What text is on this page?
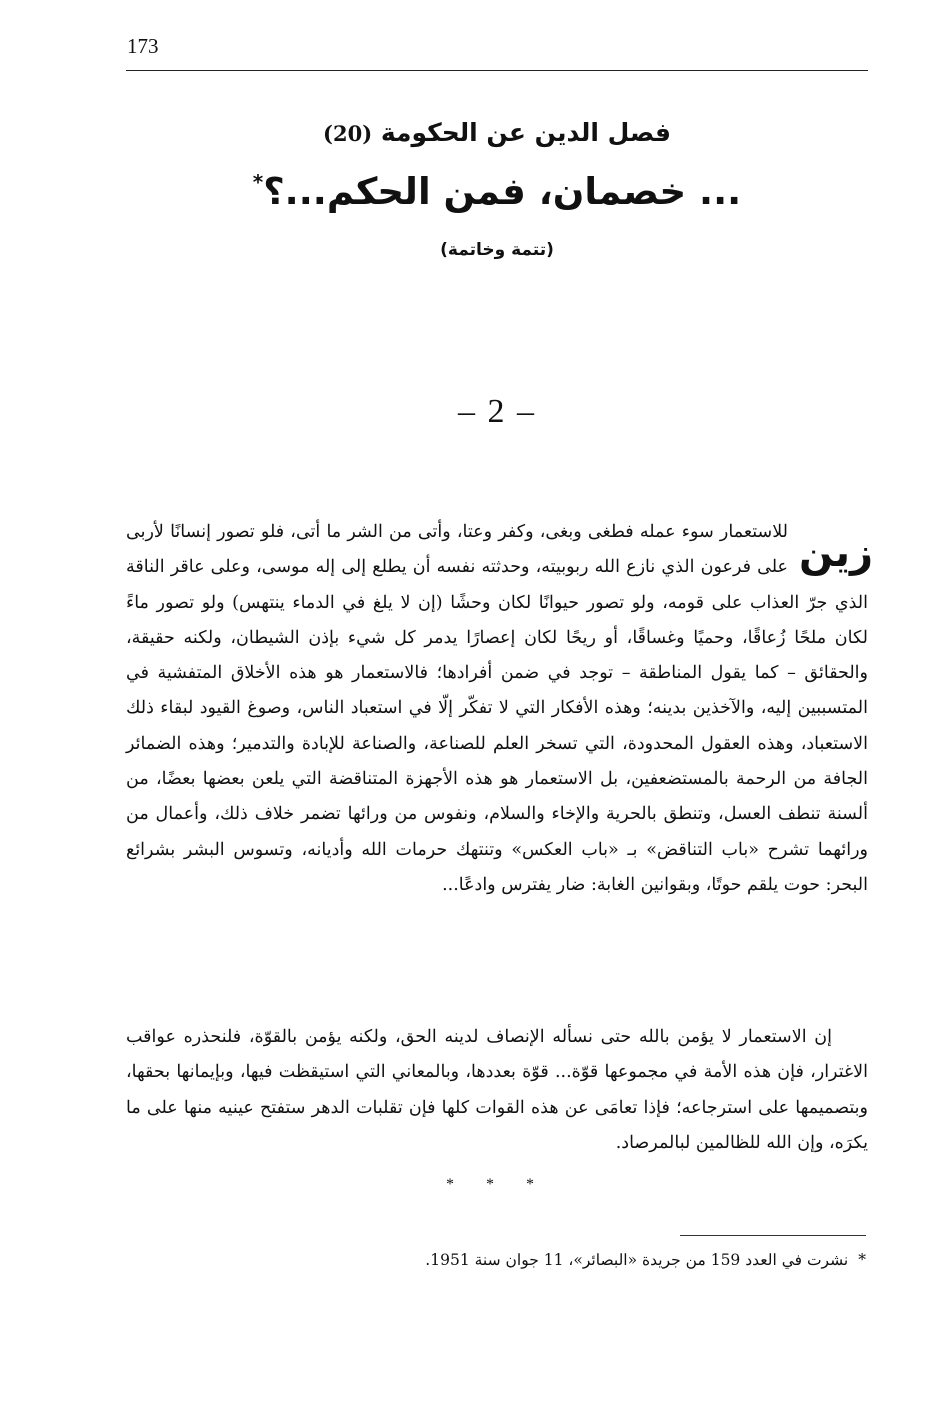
173
فصل الدين عن الحكومة (20)
... خصمان، فمن الحكم...؟*
(تتمة وخاتمة)
– 2 –
زين
للاستعمار سوء عمله فطغى وبغى، وكفر وعتا، وأتى من الشر ما أتى، فلو تصور إنسانًا لأربى على فرعون الذي نازع الله ربوبيته، وحدثته نفسه أن يطلع إلى إله موسى، وعلى عاقر الناقة الذي جرّ العذاب على قومه، ولو تصور حيوانًا لكان وحشًا (إن لا يلغ في الدماء ينتهس) ولو تصور ماءً لكان ملحًا زُعاقًا، وحميًا وغساقًا، أو ريحًا لكان إعصارًا يدمر كل شيء بإذن الشيطان، ولكنه حقيقة، والحقائق – كما يقول المناطقة – توجد في ضمن أفرادها؛ فالاستعمار هو هذه الأخلاق المتفشية في المتسببين إليه، والآخذين بدينه؛ وهذه الأفكار التي لا تفكّر إلّا في استعباد الناس، وصوغ القيود لبقاء ذلك الاستعباد، وهذه العقول المحدودة، التي تسخر العلم للصناعة، والصناعة للإبادة والتدمير؛ وهذه الضمائر الجافة من الرحمة بالمستضعفين، بل الاستعمار هو هذه الأجهزة المتناقضة التي يلعن بعضها بعضًا، من ألسنة تنطف العسل، وتنطق بالحرية والإخاء والسلام، ونفوس من ورائها تضمر خلاف ذلك، وأعمال من ورائهما تشرح «باب التناقض» بـ «باب العكس» وتنتهك حرمات الله وأديانه، وتسوس البشر بشرائع البحر: حوت يلقم حوتًا، وبقوانين الغابة: ضار يفترس وادعًا...
إن الاستعمار لا يؤمن بالله حتى نسأله الإنصاف لدينه الحق، ولكنه يؤمن بالقوّة، فلنحذره عواقب الاغترار، فإن هذه الأمة في مجموعها قوّة... قوّة بعددها، وبالمعاني التي استيقظت فيها، وبإيمانها بحقها، وبتصميمها على استرجاعه؛ فإذا تعامَى عن هذه القوات كلها فإن تقلبات الدهر ستفتح عينيه منها على ما يكرَه، وإن الله للظالمين لبالمرصاد.
* * *
*نشرت في العدد 159 من جريدة «البصائر»، 11 جوان سنة 1951.
